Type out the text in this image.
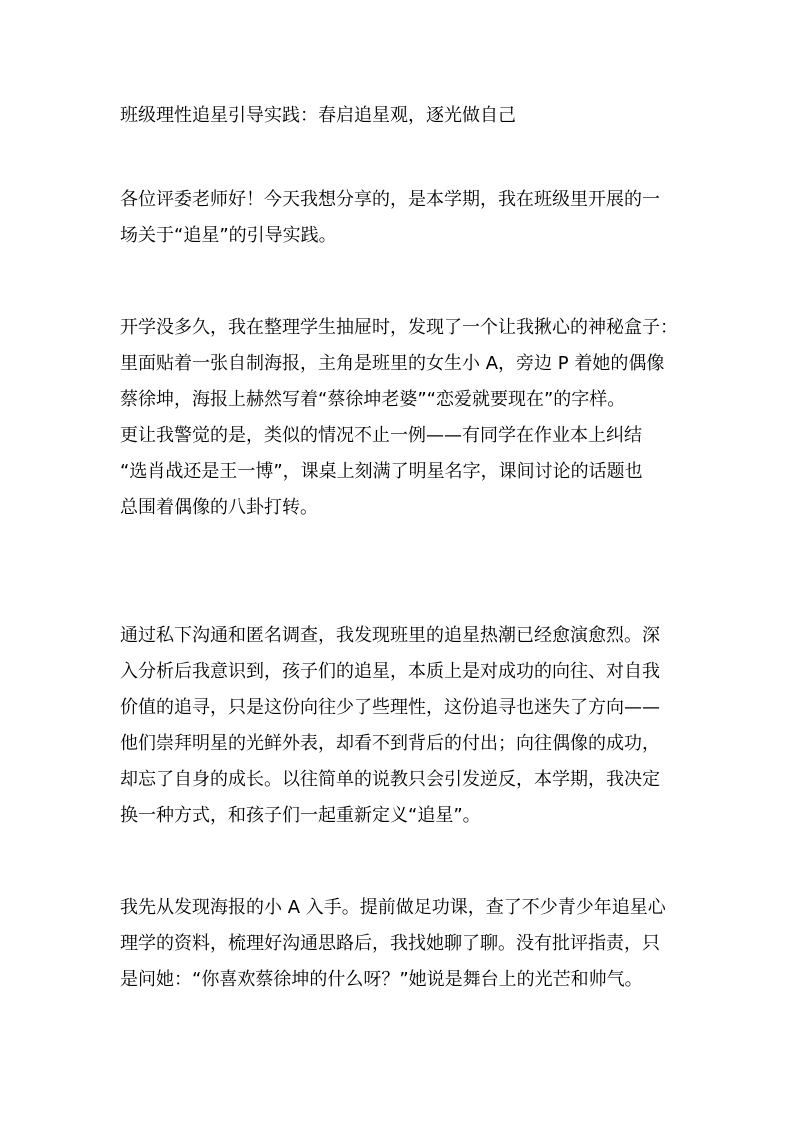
班级理性追星引导实践：春启追星观，逐光做自己
各位评委老师好！今天我想分享的，是本学期，我在班级里开展的一
场关于“追星”的引导实践。
开学没多久，我在整理学生抽屉时，发现了一个让我揪心的神秘盒子：
里面贴着一张自制海报，主角是班里的女生小 A，旁边 P 着她的偶像
蔡徐坤，海报上赫然写着“蔡徐坤老婆”“恋爱就要现在”的字样。
更让我警觉的是，类似的情况不止一例——有同学在作业本上纠结
“选肖战还是王一博”，课桌上刻满了明星名字，课间讨论的话题也
总围着偶像的八卦打转。
通过私下沟通和匿名调查，我发现班里的追星热潮已经愈演愈烈。深
入分析后我意识到，孩子们的追星，本质上是对成功的向往、对自我
价值的追寻，只是这份向往少了些理性，这份追寻也迷失了方向——
他们崇拜明星的光鲜外表，却看不到背后的付出；向往偶像的成功，
却忘了自身的成长。以往简单的说教只会引发逆反，本学期，我决定
换一种方式，和孩子们一起重新定义“追星”。
我先从发现海报的小 A 入手。提前做足功课，查了不少青少年追星心
理学的资料，梳理好沟通思路后，我找她聊了聊。没有批评指责，只
是问她：“你喜欢蔡徐坤的什么呀？”她说是舞台上的光芒和帅气。
